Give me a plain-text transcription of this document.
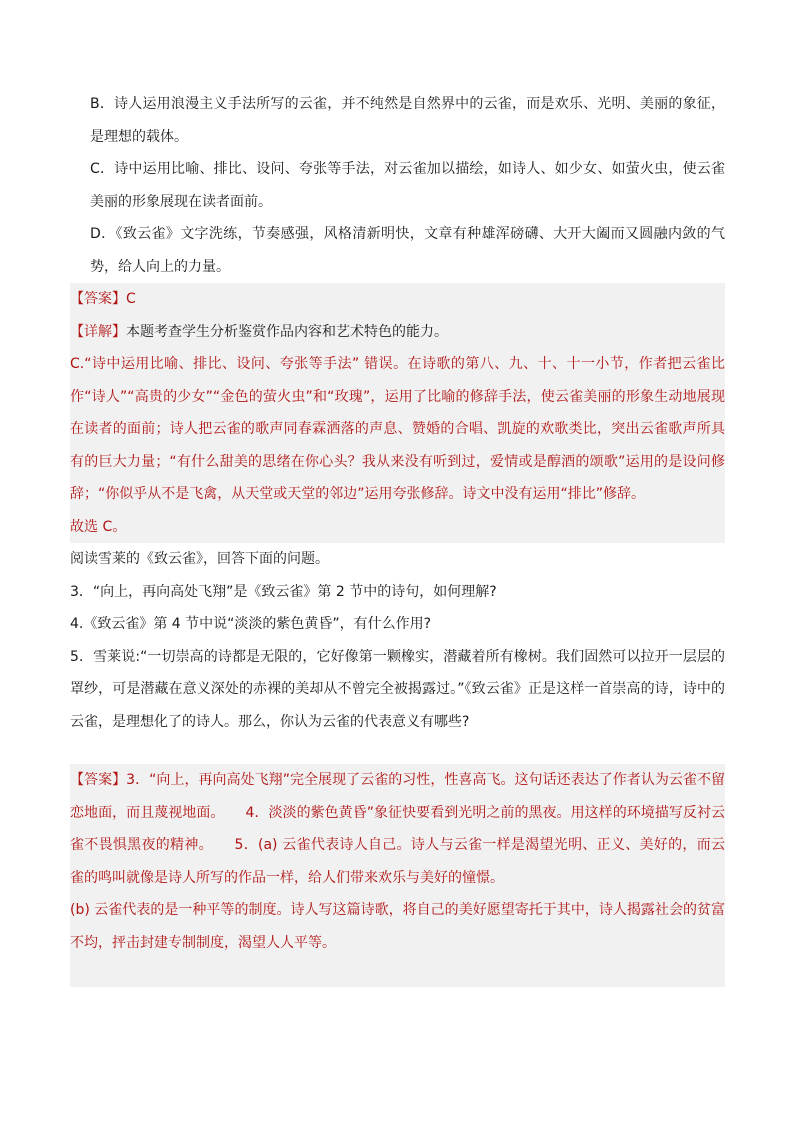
B．诗人运用浪漫主义手法所写的云雀，并不纯然是自然界中的云雀，而是欢乐、光明、美丽的象征，是理想的载体。

C．诗中运用比喻、排比、设问、夸张等手法，对云雀加以描绘，如诗人、如少女、如萤火虫，使云雀美丽的形象展现在读者面前。

D．《致云雀》文字洗练，节奏感强，风格清新明快，文章有种雄浑磅礴、大开大阖而又圆融内敛的气势，给人向上的力量。

【答案】C

【详解】本题考查学生分析鉴赏作品内容和艺术特色的能力。

C.“诗中运用比喻、排比、设问、夸张等手法” 错误。在诗歌的第八、九、十、十一小节，作者把云雀比作“诗人”“高贵的少女”“金色的萤火虫”和“玫瑰”，运用了比喻的修辞手法，使云雀美丽的形象生动地展现在读者的面前；诗人把云雀的歌声同春霖洒落的声息、赞婚的合唱、凯旋的欢歌类比，突出云雀歌声所具有的巨大力量；“有什么甜美的思绪在你心头？我从来没有听到过，爱情或是醇酒的颂歌”运用的是设问修辞；“你似乎从不是飞禽，从天堂或天堂的邻边”运用夸张修辞。诗文中没有运用“排比”修辞。

故选 C。

阅读雪莱的《致云雀》，回答下面的问题。

3．“向上，再向高处飞翔”是《致云雀》第 2 节中的诗句，如何理解?

4.《致云雀》第 4 节中说“淡淡的紫色黄昏”，有什么作用?

5．雪莱说:“一切崇高的诗都是无限的，它好像第一颗橡实，潜藏着所有橡树。我们固然可以拉开一层层的罩纱，可是潜藏在意义深处的赤裸的美却从不曾完全被揭露过。”《致云雀》正是这样一首崇高的诗，诗中的云雀，是理想化了的诗人。那么，你认为云雀的代表意义有哪些?

【答案】3．“向上，再向高处飞翔”完全展现了云雀的习性，性喜高飞。这句话还表达了作者认为云雀不留恋地面，而且蔑视地面。　　4．淡淡的紫色黄昏”象征快要看到光明之前的黑夜。用这样的环境描写反衬云雀不畏惧黑夜的精神。　　5．(a) 云雀代表诗人自己。诗人与云雀一样是渴望光明、正义、美好的，而云雀的鸣叫就像是诗人所写的作品一样，给人们带来欢乐与美好的憧憬。

(b) 云雀代表的是一种平等的制度。诗人写这篇诗歌，将自己的美好愿望寄托于其中，诗人揭露社会的贫富不均，抨击封建专制制度，渴望人人平等。
